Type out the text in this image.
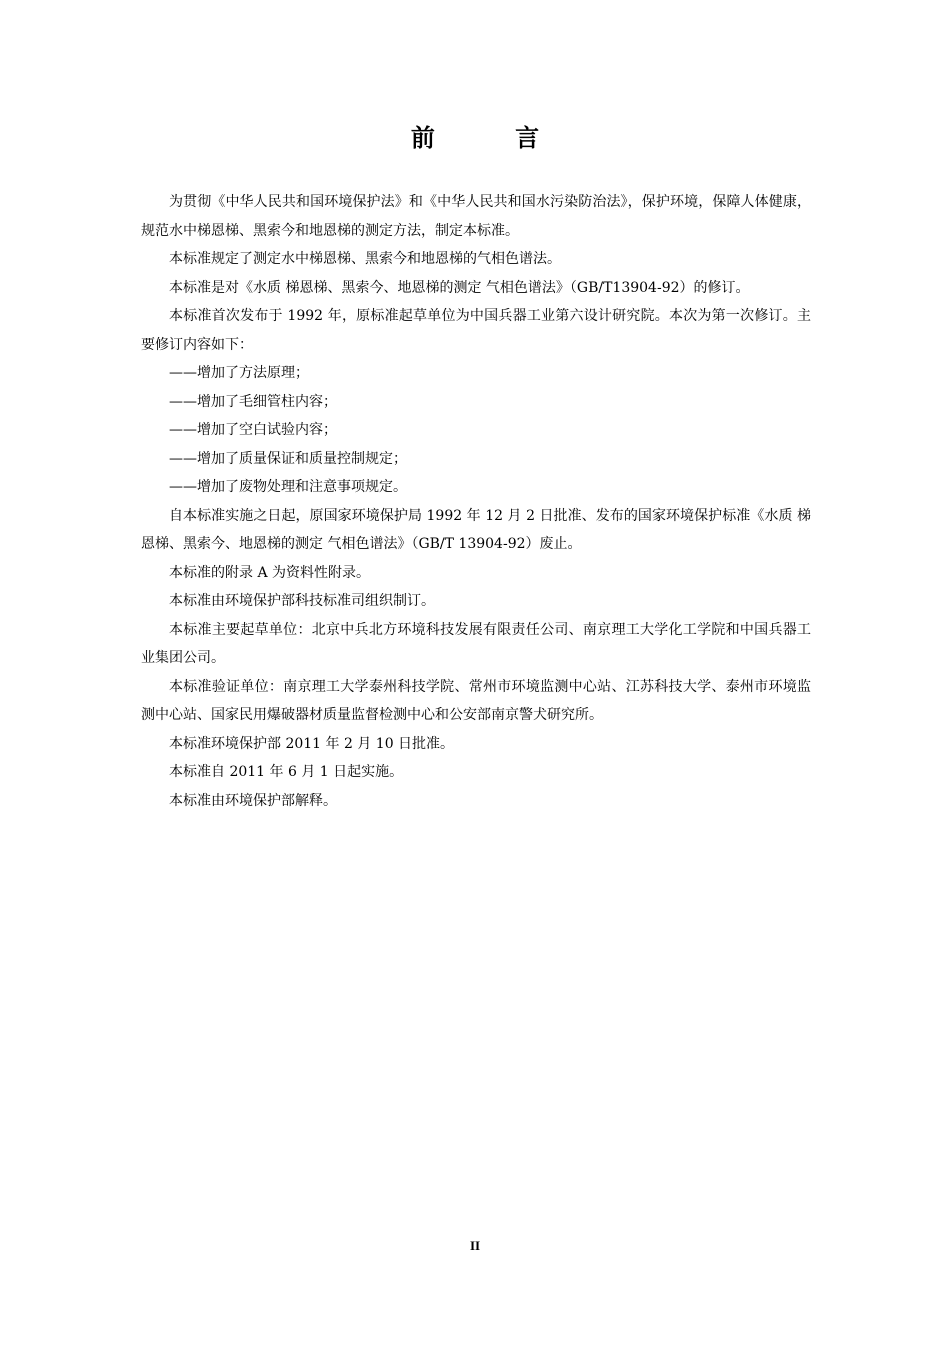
前 言

为贯彻《中华人民共和国环境保护法》和《中华人民共和国水污染防治法》，保护环境，保障人体健康，规范水中梯恩梯、黑索今和地恩梯的测定方法，制定本标准。

本标准规定了测定水中梯恩梯、黑索今和地恩梯的气相色谱法。

本标准是对《水质 梯恩梯、黑索今、地恩梯的测定 气相色谱法》（GB/T13904-92）的修订。

本标准首次发布于 1992 年，原标准起草单位为中国兵器工业第六设计研究院。本次为第一次修订。主要修订内容如下：

——增加了方法原理；

——增加了毛细管柱内容；

——增加了空白试验内容；

——增加了质量保证和质量控制规定；

——增加了废物处理和注意事项规定。

自本标准实施之日起，原国家环境保护局 1992 年 12 月 2 日批准、发布的国家环境保护标准《水质 梯恩梯、黑索今、地恩梯的测定 气相色谱法》（GB/T 13904-92）废止。

本标准的附录 A 为资料性附录。

本标准由环境保护部科技标准司组织制订。

本标准主要起草单位：北京中兵北方环境科技发展有限责任公司、南京理工大学化工学院和中国兵器工业集团公司。

本标准验证单位：南京理工大学泰州科技学院、常州市环境监测中心站、江苏科技大学、泰州市环境监测中心站、国家民用爆破器材质量监督检测中心和公安部南京警犬研究所。

本标准环境保护部 2011 年 2 月 10 日批准。

本标准自 2011 年 6 月 1 日起实施。

本标准由环境保护部解释。

II
